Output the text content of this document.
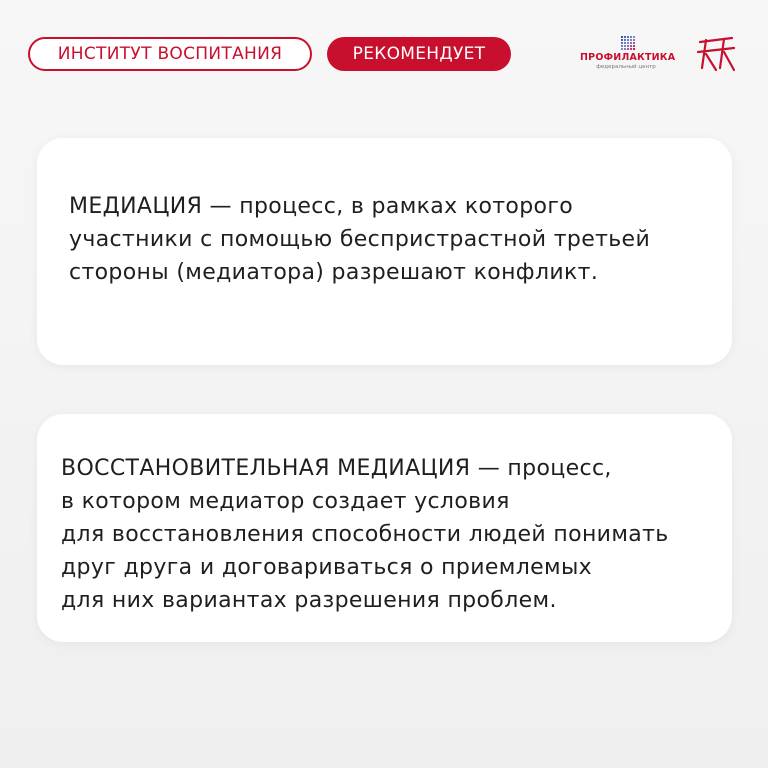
ИНСТИТУТ ВОСПИТАНИЯ	РЕКОМЕНДУЕТ	ПРОФИЛАКТИКА
федеральный центр
МЕДИАЦИЯ — процесс, в рамках которого
участники с помощью беспристрастной третьей
стороны (медиатора) разрешают конфликт.
ВОССТАНОВИТЕЛЬНАЯ МЕДИАЦИЯ — процесс,
в котором медиатор создает условия
для восстановления способности людей понимать
друг друга и договариваться о приемлемых
для них вариантах разрешения проблем.
